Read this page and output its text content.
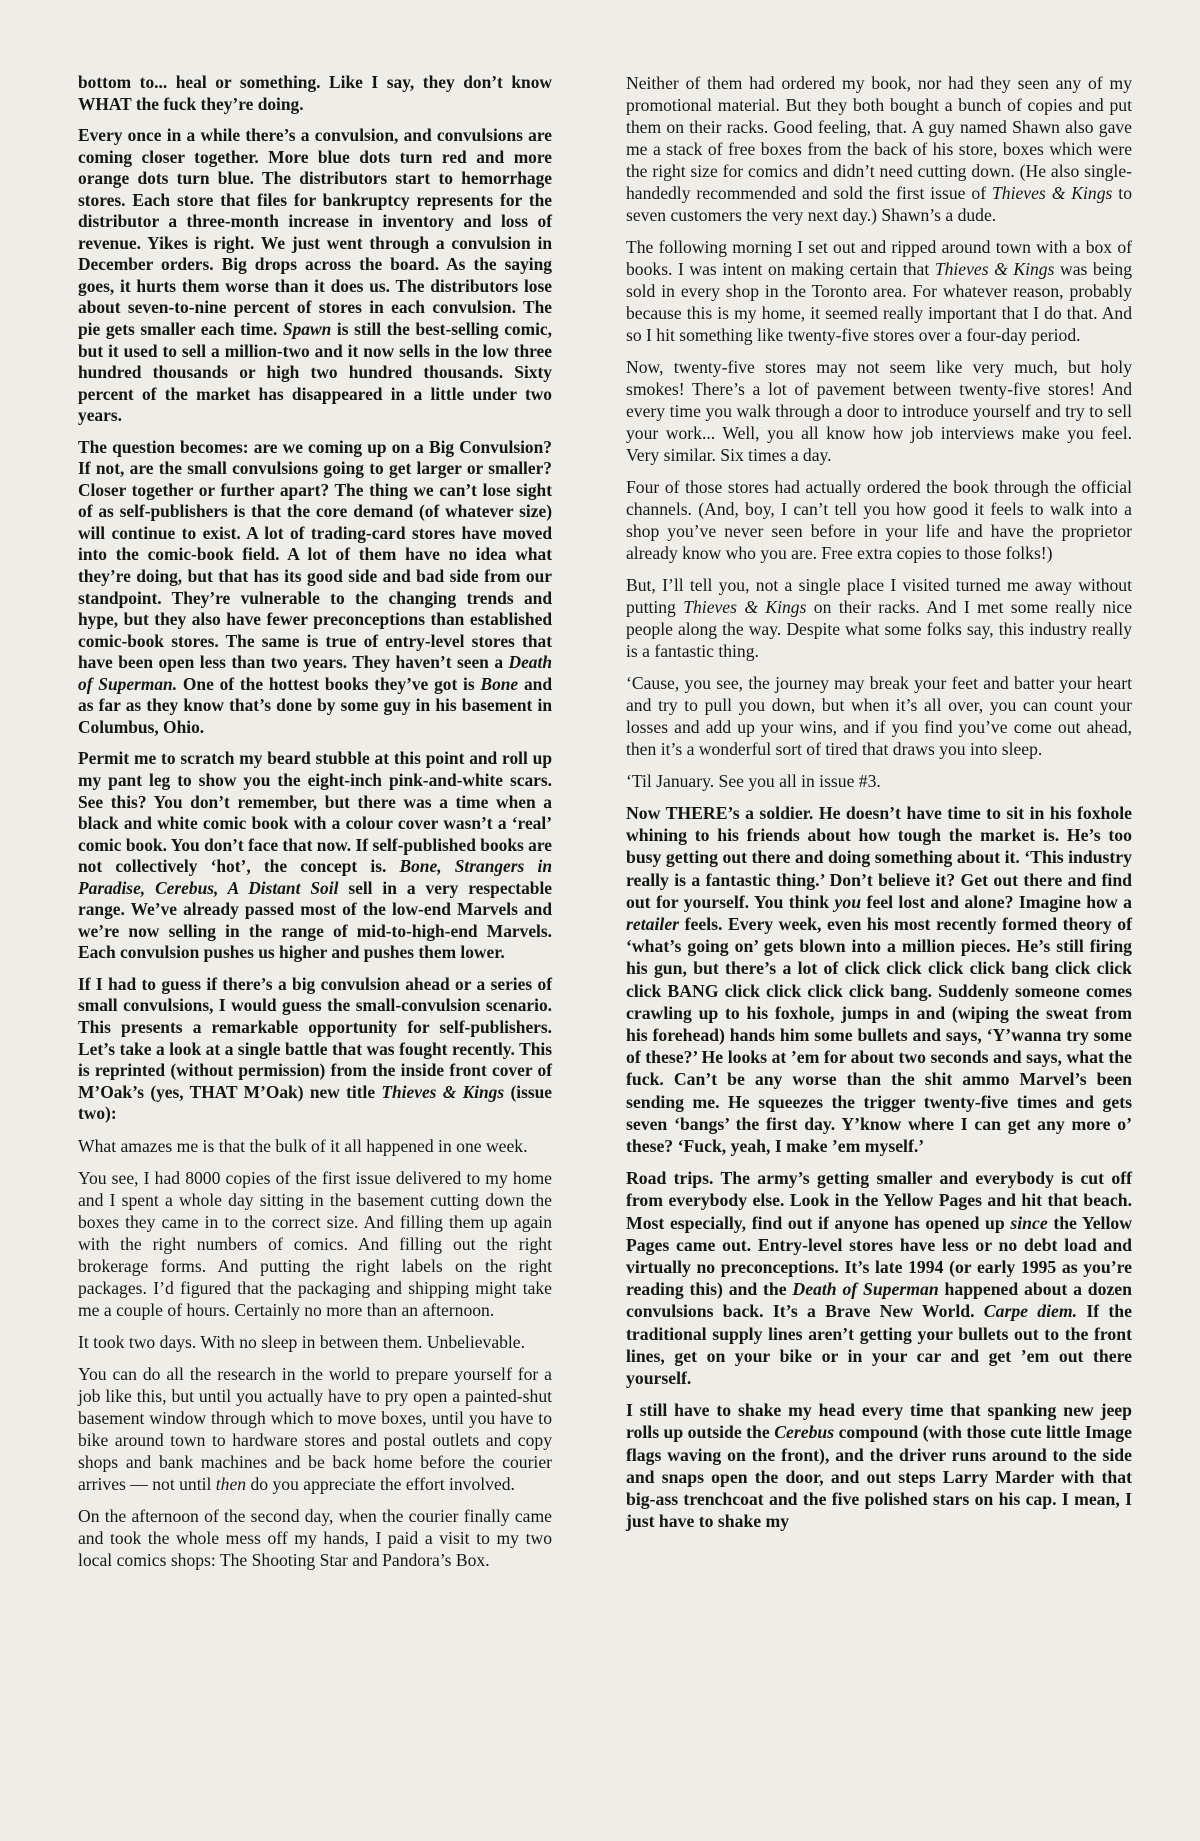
bottom to... heal or something. Like I say, they don’t know WHAT the fuck they’re doing.

Every once in a while there’s a convulsion, and convulsions are coming closer together. More blue dots turn red and more orange dots turn blue. The distributors start to hemorrhage stores. Each store that files for bankruptcy represents for the distributor a three-month increase in inventory and loss of revenue. Yikes is right. We just went through a convulsion in December orders. Big drops across the board. As the saying goes, it hurts them worse than it does us. The distributors lose about seven-to-nine percent of stores in each convulsion. The pie gets smaller each time. Spawn is still the best-selling comic, but it used to sell a million-two and it now sells in the low three hundred thousands or high two hundred thousands. Sixty percent of the market has disappeared in a little under two years.

The question becomes: are we coming up on a Big Convulsion? If not, are the small convulsions going to get larger or smaller? Closer together or further apart? The thing we can’t lose sight of as self-publishers is that the core demand (of whatever size) will continue to exist. A lot of trading-card stores have moved into the comic-book field. A lot of them have no idea what they’re doing, but that has its good side and bad side from our standpoint. They’re vulnerable to the changing trends and hype, but they also have fewer preconceptions than established comic-book stores. The same is true of entry-level stores that have been open less than two years. They haven’t seen a Death of Superman. One of the hottest books they’ve got is Bone and as far as they know that’s done by some guy in his basement in Columbus, Ohio.

Permit me to scratch my beard stubble at this point and roll up my pant leg to show you the eight-inch pink-and-white scars. See this? You don’t remember, but there was a time when a black and white comic book with a colour cover wasn’t a ‘real’ comic book. You don’t face that now. If self-published books are not collectively ‘hot’, the concept is. Bone, Strangers in Paradise, Cerebus, A Distant Soil sell in a very respectable range. We’ve already passed most of the low-end Marvels and we’re now selling in the range of mid-to-high-end Marvels. Each convulsion pushes us higher and pushes them lower.

If I had to guess if there’s a big convulsion ahead or a series of small convulsions, I would guess the small-convulsion scenario. This presents a remarkable opportunity for self-publishers. Let’s take a look at a single battle that was fought recently. This is reprinted (without permission) from the inside front cover of M’Oak’s (yes, THAT M’Oak) new title Thieves & Kings (issue two):

What amazes me is that the bulk of it all happened in one week.

You see, I had 8000 copies of the first issue delivered to my home and I spent a whole day sitting in the basement cutting down the boxes they came in to the correct size. And filling them up again with the right numbers of comics. And filling out the right brokerage forms. And putting the right labels on the right packages. I’d figured that the packaging and shipping might take me a couple of hours. Certainly no more than an afternoon.

It took two days. With no sleep in between them. Unbelievable.

You can do all the research in the world to prepare yourself for a job like this, but until you actually have to pry open a painted-shut basement window through which to move boxes, until you have to bike around town to hardware stores and postal outlets and copy shops and bank machines and be back home before the courier arrives — not until then do you appreciate the effort involved.

On the afternoon of the second day, when the courier finally came and took the whole mess off my hands, I paid a visit to my two local comics shops: The Shooting Star and Pandora’s Box.

Neither of them had ordered my book, nor had they seen any of my promotional material. But they both bought a bunch of copies and put them on their racks. Good feeling, that. A guy named Shawn also gave me a stack of free boxes from the back of his store, boxes which were the right size for comics and didn’t need cutting down. (He also single-handedly recommended and sold the first issue of Thieves & Kings to seven customers the very next day.) Shawn’s a dude.

The following morning I set out and ripped around town with a box of books. I was intent on making certain that Thieves & Kings was being sold in every shop in the Toronto area. For whatever reason, probably because this is my home, it seemed really important that I do that. And so I hit something like twenty-five stores over a four-day period.

Now, twenty-five stores may not seem like very much, but holy smokes! There’s a lot of pavement between twenty-five stores! And every time you walk through a door to introduce yourself and try to sell your work... Well, you all know how job interviews make you feel. Very similar. Six times a day.

Four of those stores had actually ordered the book through the official channels. (And, boy, I can’t tell you how good it feels to walk into a shop you’ve never seen before in your life and have the proprietor already know who you are. Free extra copies to those folks!)

But, I’ll tell you, not a single place I visited turned me away without putting Thieves & Kings on their racks. And I met some really nice people along the way. Despite what some folks say, this industry really is a fantastic thing.

‘Cause, you see, the journey may break your feet and batter your heart and try to pull you down, but when it’s all over, you can count your losses and add up your wins, and if you find you’ve come out ahead, then it’s a wonderful sort of tired that draws you into sleep.

‘Til January. See you all in issue #3.

Now THERE’s a soldier. He doesn’t have time to sit in his foxhole whining to his friends about how tough the market is. He’s too busy getting out there and doing something about it. ‘This industry really is a fantastic thing.’ Don’t believe it? Get out there and find out for yourself. You think you feel lost and alone? Imagine how a retailer feels. Every week, even his most recently formed theory of ‘what’s going on’ gets blown into a million pieces. He’s still firing his gun, but there’s a lot of click click click click bang click click click BANG click click click click bang. Suddenly someone comes crawling up to his foxhole, jumps in and (wiping the sweat from his forehead) hands him some bullets and says, ‘Y’wanna try some of these?’ He looks at ’em for about two seconds and says, what the fuck. Can’t be any worse than the shit ammo Marvel’s been sending me. He squeezes the trigger twenty-five times and gets seven ‘bangs’ the first day. Y’know where I can get any more o’ these? ‘Fuck, yeah, I make ’em myself.’

Road trips. The army’s getting smaller and everybody is cut off from everybody else. Look in the Yellow Pages and hit that beach. Most especially, find out if anyone has opened up since the Yellow Pages came out. Entry-level stores have less or no debt load and virtually no preconceptions. It’s late 1994 (or early 1995 as you’re reading this) and the Death of Superman happened about a dozen convulsions back. It’s a Brave New World. Carpe diem. If the traditional supply lines aren’t getting your bullets out to the front lines, get on your bike or in your car and get ’em out there yourself.

I still have to shake my head every time that spanking new jeep rolls up outside the Cerebus compound (with those cute little Image flags waving on the front), and the driver runs around to the side and snaps open the door, and out steps Larry Marder with that big-ass trenchcoat and the five polished stars on his cap. I mean, I just have to shake my
